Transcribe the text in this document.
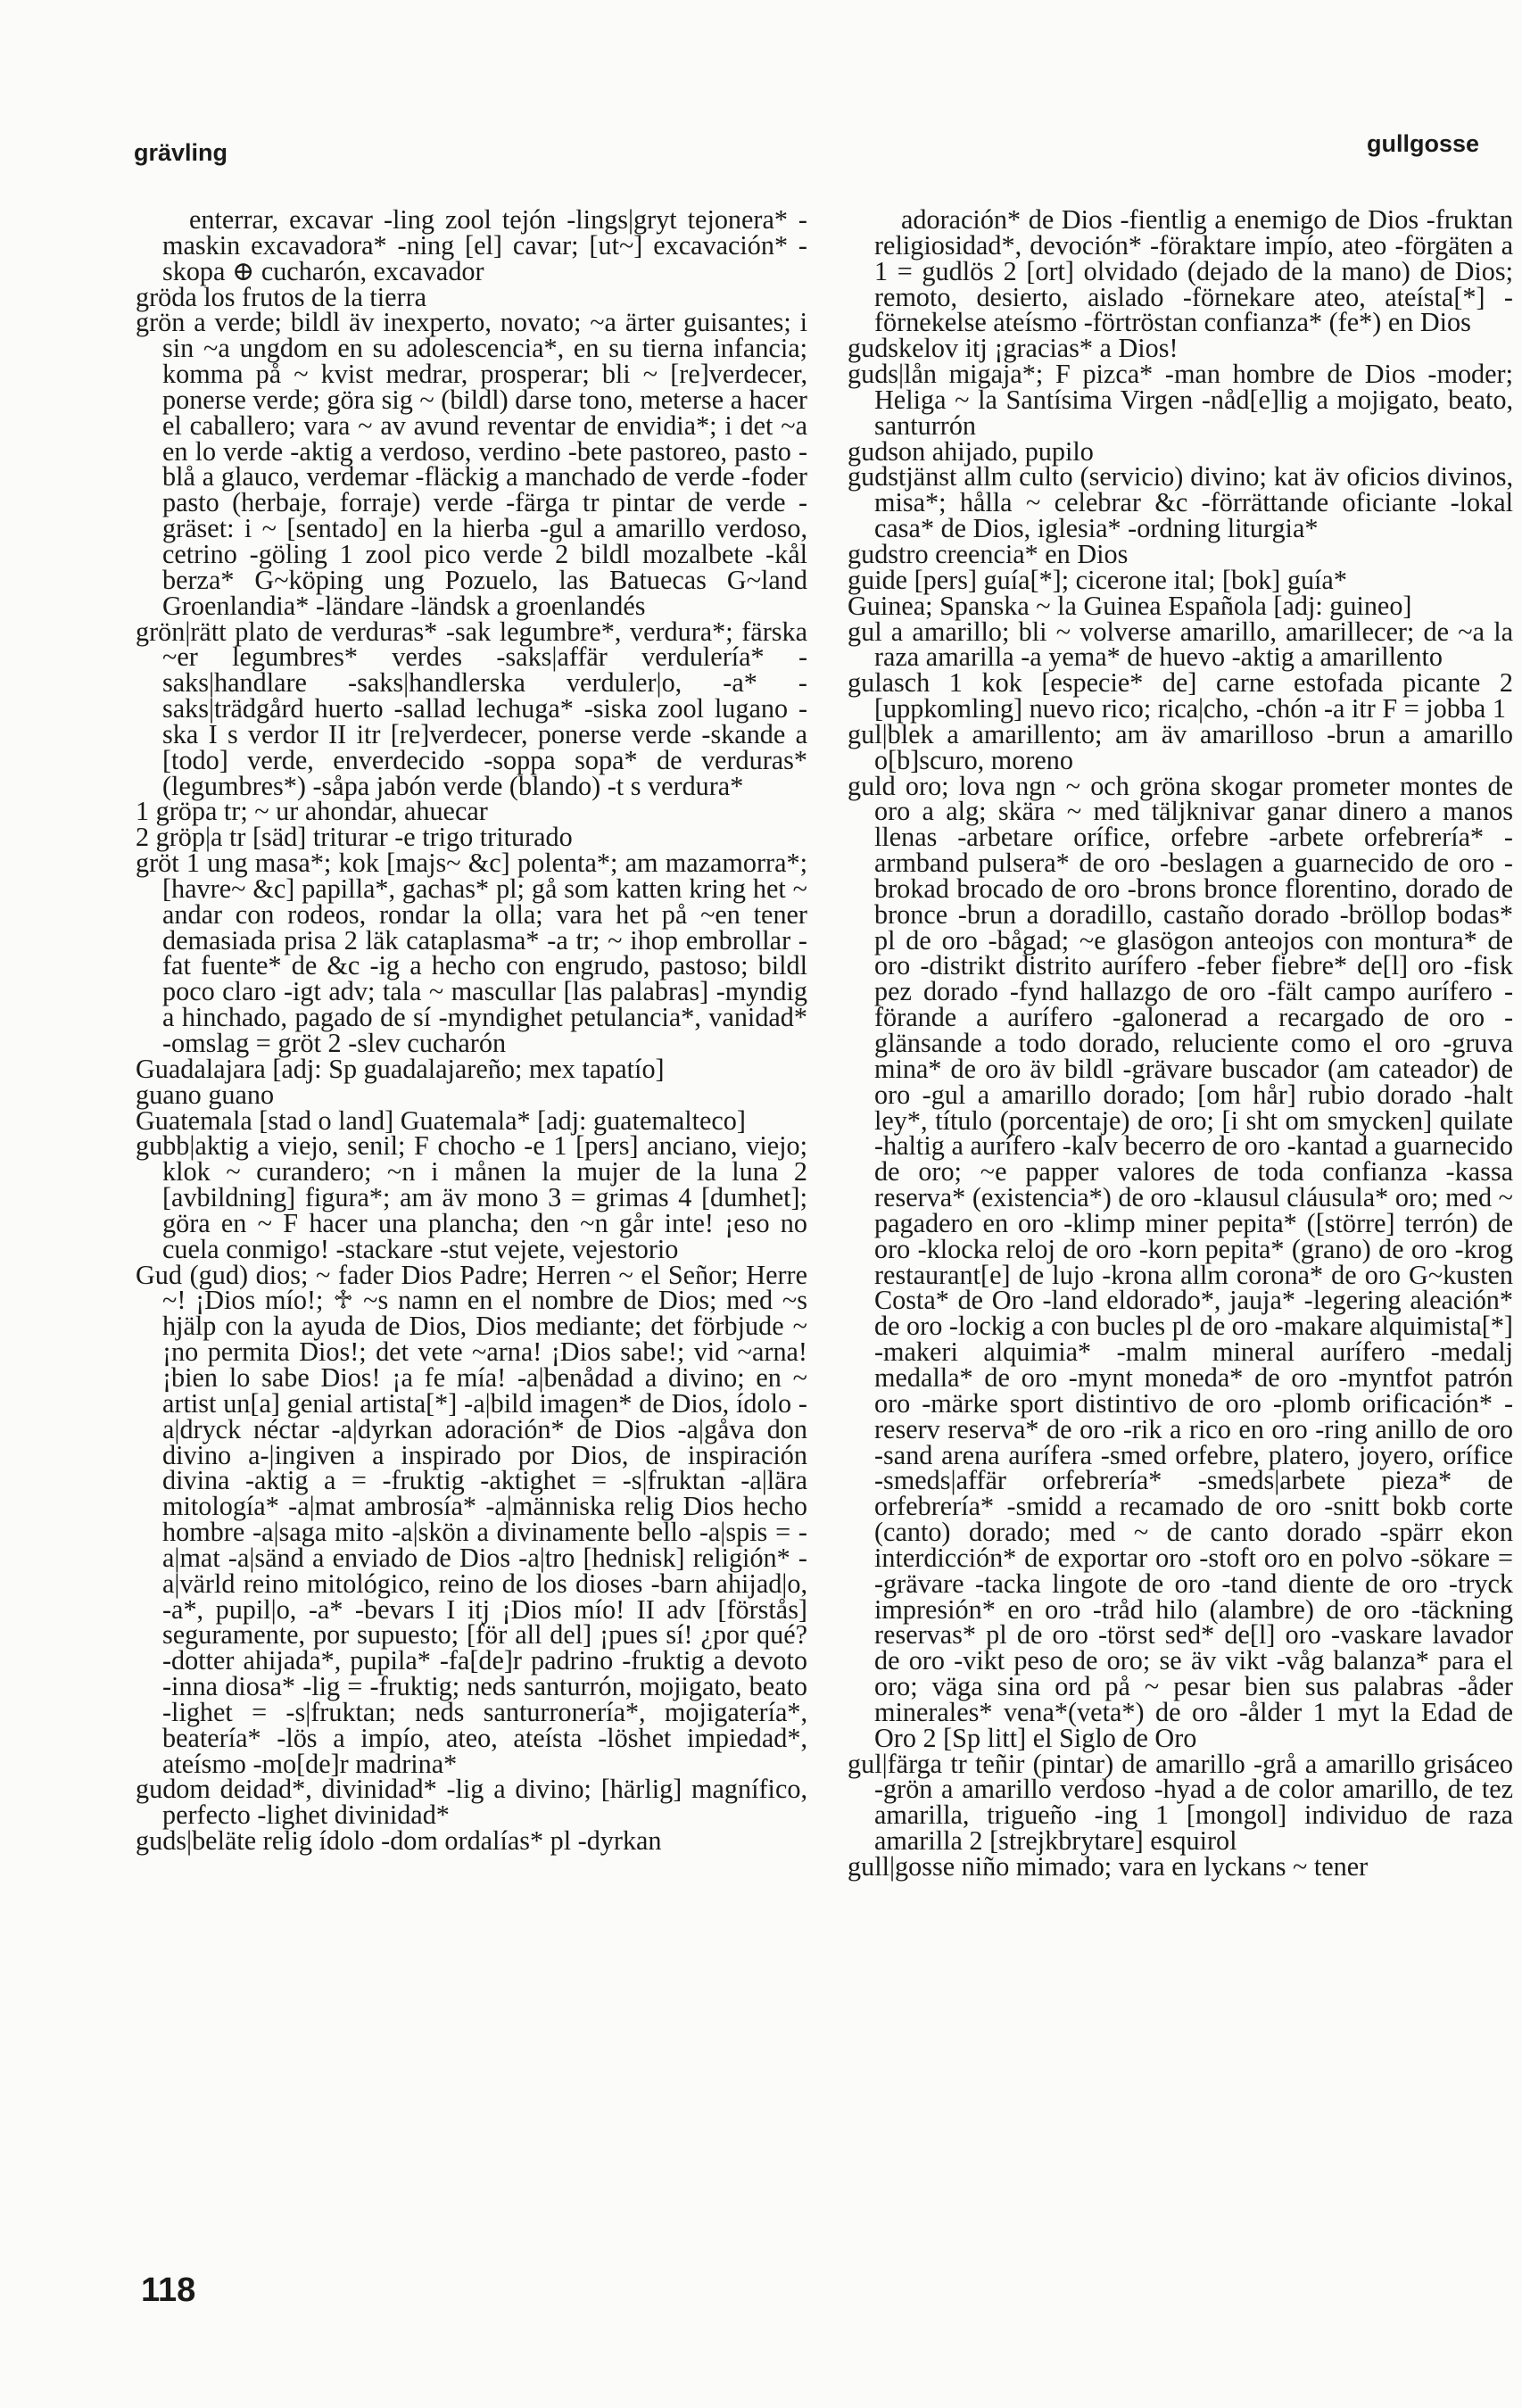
grävling	gullgosse

enterrar, excavar -ling zool tejón -lings|gryt tejonera* -maskin excavadora* -ning [el] cavar; [ut~] excavación* -skopa ⊕ cucharón, excavador

gröda los frutos de la tierra

grön a verde; bildl äv inexperto, novato; ~a ärter guisantes; i sin ~a ungdom en su adolescencia*, en su tierna infancia; komma på ~ kvist medrar, prosperar; bli ~ [re]verdecer, ponerse verde; göra sig ~ (bildl) darse tono, meterse a hacer el caballero; vara ~ av avund reventar de envidia*; i det ~a en lo verde -aktig a verdoso, verdino -bete pastoreo, pasto -blå a glauco, verdemar -fläckig a manchado de verde -foder pasto (herbaje, forraje) verde -färga tr pintar de verde -gräset: i ~ [sentado] en la hierba -gul a amarillo verdoso, cetrino -göling 1 zool pico verde 2 bildl mozalbete -kål berza* G~köping ung Pozuelo, las Batuecas G~land Groenlandia* -ländare -ländsk a groenlandés

grön|rätt plato de verduras* -sak legumbre*, verdura*; färska ~er legumbres* verdes -saks|affär verdulería* -saks|handlare -saks|handlerska verduler|o, -a* -saks|trädgård huerto -sallad lechuga* -siska zool lugano -ska I s verdor II itr [re]verdecer, ponerse verde -skande a [todo] verde, enverdecido -soppa sopa* de verduras* (legumbres*) -såpa jabón verde (blando) -t s verdura*

1 gröpa tr; ~ ur ahondar, ahuecar

2 gröp|a tr [säd] triturar -e trigo triturado

gröt 1 ung masa*; kok [majs~ &c] polenta*; am mazamorra*; [havre~ &c] papilla*, gachas* pl; gå som katten kring het ~ andar con rodeos, rondar la olla; vara het på ~en tener demasiada prisa 2 läk cataplasma* -a tr; ~ ihop embrollar -fat fuente* de &c -ig a hecho con engrudo, pastoso; bildl poco claro -igt adv; tala ~ mascullar [las palabras] -myndig a hinchado, pagado de sí -myndighet petulancia*, vanidad* -omslag = gröt 2 -slev cucharón

Guadalajara [adj: Sp guadalajareño; mex tapatío]

guano guano

Guatemala [stad o land] Guatemala* [adj: guatemalteco]

gubb|aktig a viejo, senil; F chocho -e 1 [pers] anciano, viejo; klok ~ curandero; ~n i månen la mujer de la luna 2 [avbildning] figura*; am äv mono 3 = grimas 4 [dumhet]; göra en ~ F hacer una plancha; den ~n går inte! ¡eso no cuela conmigo! -stackare -stut vejete, vejestorio

Gud (gud) dios; ~ fader Dios Padre; Herren ~ el Señor; Herre ~! ¡Dios mío!; ♱ ~s namn en el nombre de Dios; med ~s hjälp con la ayuda de Dios, Dios mediante; det förbjude ~ ¡no permita Dios!; det vete ~arna! ¡Dios sabe!; vid ~arna! ¡bien lo sabe Dios! ¡a fe mía! -a|benådad a divino; en ~ artist un[a] genial artista[*] -a|bild imagen* de Dios, ídolo -a|dryck néctar -a|dyrkan adoración* de Dios -a|gåva don divino a-|ingiven a inspirado por Dios, de inspiración divina -aktig a = -fruktig -aktighet = -s|fruktan -a|lära mitología* -a|mat ambrosía* -a|människa relig Dios hecho hombre -a|saga mito -a|skön a divinamente bello -a|spis = -a|mat -a|sänd a enviado de Dios -a|tro [hednisk] religión* -a|värld reino mitológico, reino de los dioses -barn ahijad|o, -a*, pupil|o, -a* -bevars I itj ¡Dios mío! II adv [förstås] seguramente, por supuesto; [för all del] ¡pues sí! ¿por qué? -dotter ahijada*, pupila* -fa[de]r padrino -fruktig a devoto -inna diosa* -lig = -fruktig; neds santurrón, mojigato, beato -lighet = -s|fruktan; neds santurronería*, mojigatería*, beatería* -lös a impío, ateo, ateísta -löshet impiedad*, ateísmo -mo[de]r madrina*

gudom deidad*, divinidad* -lig a divino; [härlig] magnífico, perfecto -lighet divinidad*

guds|beläte relig ídolo -dom ordalías* pl -dyrkan

adoración* de Dios -fientlig a enemigo de Dios -fruktan religiosidad*, devoción* -föraktare impío, ateo -förgäten a 1 = gudlös 2 [ort] olvidado (dejado de la mano) de Dios; remoto, desierto, aislado -förnekare ateo, ateísta[*] -förnekelse ateísmo -förtröstan confianza* (fe*) en Dios

gudskelov itj ¡gracias* a Dios!

guds|lån migaja*; F pizca* -man hombre de Dios -moder; Heliga ~ la Santísima Virgen -nåd[e]lig a mojigato, beato, santurrón

gudson ahijado, pupilo

gudstjänst allm culto (servicio) divino; kat äv oficios divinos, misa*; hålla ~ celebrar &c -förrättande oficiante -lokal casa* de Dios, iglesia* -ordning liturgia*

gudstro creencia* en Dios

guide [pers] guía[*]; cicerone ital; [bok] guía*

Guinea; Spanska ~ la Guinea Española [adj: guineo]

gul a amarillo; bli ~ volverse amarillo, amarillecer; de ~a la raza amarilla -a yema* de huevo -aktig a amarillento

gulasch 1 kok [especie* de] carne estofada picante 2 [uppkomling] nuevo rico; rica|cho, -chón -a itr F = jobba 1

gul|blek a amarillento; am äv amarilloso -brun a amarillo o[b]scuro, moreno

guld oro; lova ngn ~ och gröna skogar prometer montes de oro a alg; skära ~ med täljknivar ganar dinero a manos llenas -arbetare orífice, orfebre -arbete orfebrería* -armband pulsera* de oro -beslagen a guarnecido de oro -brokad brocado de oro -brons bronce florentino, dorado de bronce -brun a doradillo, castaño dorado -bröllop bodas* pl de oro -bågad; ~e glasögon anteojos con montura* de oro -distrikt distrito aurífero -feber fiebre* de[l] oro -fisk pez dorado -fynd hallazgo de oro -fält campo aurífero -förande a aurífero -galonerad a recargado de oro -glänsande a todo dorado, reluciente como el oro -gruva mina* de oro äv bildl -grävare buscador (am cateador) de oro -gul a amarillo dorado; [om hår] rubio dorado -halt ley*, título (porcentaje) de oro; [i sht om smycken] quilate -haltig a aurífero -kalv becerro de oro -kantad a guarnecido de oro; ~e papper valores de toda confianza -kassa reserva* (existencia*) de oro -klausul cláusula* oro; med ~ pagadero en oro -klimp miner pepita* ([större] terrón) de oro -klocka reloj de oro -korn pepita* (grano) de oro -krog restaurant[e] de lujo -krona allm corona* de oro G~kusten Costa* de Oro -land eldorado*, jauja* -legering aleación* de oro -lockig a con bucles pl de oro -makare alquimista[*] -makeri alquimia* -malm mineral aurífero -medalj medalla* de oro -mynt moneda* de oro -myntfot patrón oro -märke sport distintivo de oro -plomb orificación* -reserv reserva* de oro -rik a rico en oro -ring anillo de oro -sand arena aurífera -smed orfebre, platero, joyero, orífice -smeds|affär orfebrería* -smeds|arbete pieza* de orfebrería* -smidd a recamado de oro -snitt bokb corte (canto) dorado; med ~ de canto dorado -spärr ekon interdicción* de exportar oro -stoft oro en polvo -sökare = -grävare -tacka lingote de oro -tand diente de oro -tryck impresión* en oro -tråd hilo (alambre) de oro -täckning reservas* pl de oro -törst sed* de[l] oro -vaskare lavador de oro -vikt peso de oro; se äv vikt -våg balanza* para el oro; väga sina ord på ~ pesar bien sus palabras -åder minerales* vena*(veta*) de oro -ålder 1 myt la Edad de Oro 2 [Sp litt] el Siglo de Oro

gul|färga tr teñir (pintar) de amarillo -grå a amarillo grisáceo -grön a amarillo verdoso -hyad a de color amarillo, de tez amarilla, trigueño -ing 1 [mongol] individuo de raza amarilla 2 [strejkbrytare] esquirol

gull|gosse niño mimado; vara en lyckans ~ tener

118
